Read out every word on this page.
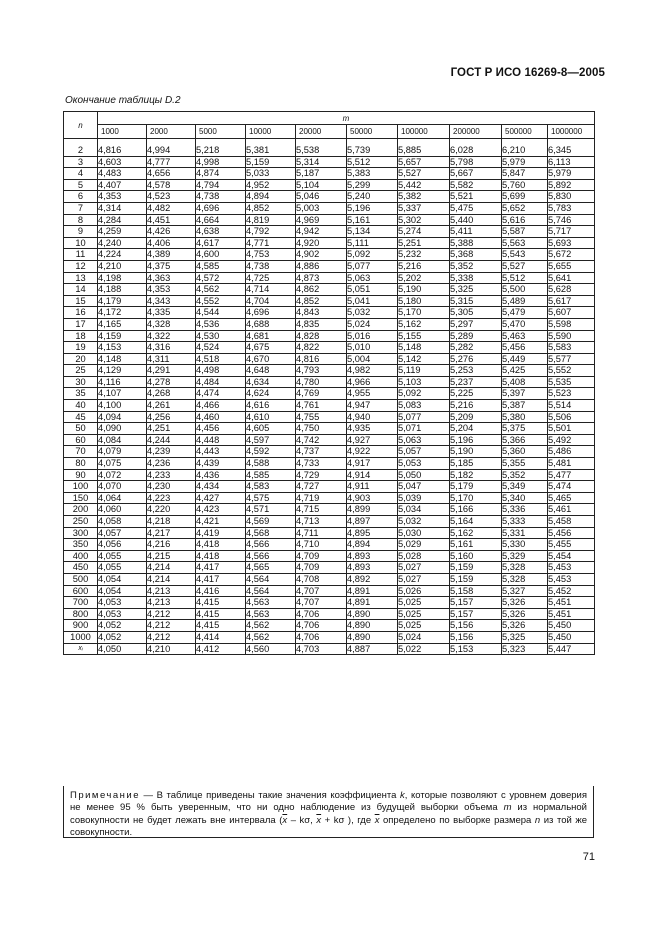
ГОСТ Р ИСО 16269-8—2005
Окончание таблицы D.2
n	m									
	1000	2000	5000	10000	20000	50000	100000	200000	500000	1000000

2	4,816	4,994	5,218	5,381	5,538	5,739	5,885	6,028	6,210	6,345
3	4,603	4,777	4,998	5,159	5,314	5,512	5,657	5,798	5,979	6,113
4	4,483	4,656	4,874	5,033	5,187	5,383	5,527	5,667	5,847	5,979
5	4,407	4,578	4,794	4,952	5,104	5,299	5,442	5,582	5,760	5,892
6	4,353	4,523	4,738	4,894	5,046	5,240	5,382	5,521	5,699	5,830
7	4,314	4,482	4,696	4,852	5,003	5,196	5,337	5,475	5,652	5,783
8	4,284	4,451	4,664	4,819	4,969	5,161	5,302	5,440	5,616	5,746
9	4,259	4,426	4,638	4,792	4,942	5,134	5,274	5,411	5,587	5,717
10	4,240	4,406	4,617	4,771	4,920	5,111	5,251	5,388	5,563	5,693
11	4,224	4,389	4,600	4,753	4,902	5,092	5,232	5,368	5,543	5,672
12	4,210	4,375	4,585	4,738	4,886	5,077	5,216	5,352	5,527	5,655
13	4,198	4,363	4,572	4,725	4,873	5,063	5,202	5,338	5,512	5,641
14	4,188	4,353	4,562	4,714	4,862	5,051	5,190	5,325	5,500	5,628
15	4,179	4,343	4,552	4,704	4,852	5,041	5,180	5,315	5,489	5,617
16	4,172	4,335	4,544	4,696	4,843	5,032	5,170	5,305	5,479	5,607
17	4,165	4,328	4,536	4,688	4,835	5,024	5,162	5,297	5,470	5,598
18	4,159	4,322	4,530	4,681	4,828	5,016	5,155	5,289	5,463	5,590
19	4,153	4,316	4,524	4,675	4,822	5,010	5,148	5,282	5,456	5,583
20	4,148	4,311	4,518	4,670	4,816	5,004	5,142	5,276	5,449	5,577
25	4,129	4,291	4,498	4,648	4,793	4,982	5,119	5,253	5,425	5,552
30	4,116	4,278	4,484	4,634	4,780	4,966	5,103	5,237	5,408	5,535
35	4,107	4,268	4,474	4,624	4,769	4,955	5,092	5,225	5,397	5,523
40	4,100	4,261	4,466	4,616	4,761	4,947	5,083	5,216	5,387	5,514
45	4,094	4,256	4,460	4,610	4,755	4,940	5,077	5,209	5,380	5,506
50	4,090	4,251	4,456	4,605	4,750	4,935	5,071	5,204	5,375	5,501
60	4,084	4,244	4,448	4,597	4,742	4,927	5,063	5,196	5,366	5,492
70	4,079	4,239	4,443	4,592	4,737	4,922	5,057	5,190	5,360	5,486
80	4,075	4,236	4,439	4,588	4,733	4,917	5,053	5,185	5,355	5,481
90	4,072	4,233	4,436	4,585	4,729	4,914	5,050	5,182	5,352	5,477
100	4,070	4,230	4,434	4,583	4,727	4,911	5,047	5,179	5,349	5,474
150	4,064	4,223	4,427	4,575	4,719	4,903	5,039	5,170	5,340	5,465
200	4,060	4,220	4,423	4,571	4,715	4,899	5,034	5,166	5,336	5,461
250	4,058	4,218	4,421	4,569	4,713	4,897	5,032	5,164	5,333	5,458
300	4,057	4,217	4,419	4,568	4,711	4,895	5,030	5,162	5,331	5,456
350	4,056	4,216	4,418	4,566	4,710	4,894	5,029	5,161	5,330	5,455
400	4,055	4,215	4,418	4,566	4,709	4,893	5,028	5,160	5,329	5,454
450	4,055	4,214	4,417	4,565	4,709	4,893	5,027	5,159	5,328	5,453
500	4,054	4,214	4,417	4,564	4,708	4,892	5,027	5,159	5,328	5,453
600	4,054	4,213	4,416	4,564	4,707	4,891	5,026	5,158	5,327	5,452
700	4,053	4,213	4,415	4,563	4,707	4,891	5,025	5,157	5,326	5,451
800	4,053	4,212	4,415	4,563	4,706	4,890	5,025	5,157	5,326	5,451
900	4,052	4,212	4,415	4,562	4,706	4,890	5,025	5,156	5,326	5,450
1000	4,052	4,212	4,414	4,562	4,706	4,890	5,024	5,156	5,325	5,450
xᵢ	4,050	4,210	4,412	4,560	4,703	4,887	5,022	5,153	5,323	5,447
Примечание — В таблице приведены такие значения коэффициента k, которые позволяют с уровнем доверия не менее 95 % быть уверенным, что ни одно наблюдение из будущей выборки объема m из нормальной совокупности не будет лежать вне интервала ($\overline{x}$ – kσ, $\overline{x} + k\sigma$ ), где $\overline{x}$ определено по выборке размера n из той же совокупности.
71
